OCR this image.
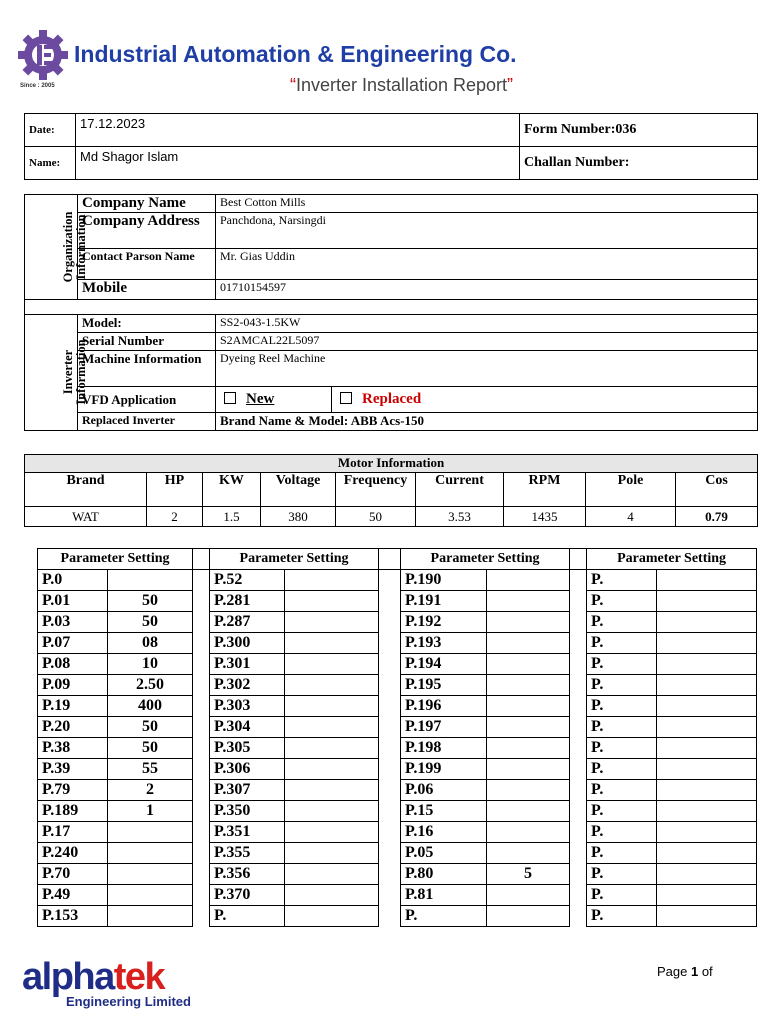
Since : 2005
Industrial Automation & Engineering Co.
“Inverter Installation Report”
Date:	17.12.2023	Form Number:036
Name:	Md Shagor Islam	Challan Number:
Organization Information	Company Name	Best Cotton Mills	
	Company Address	Panchdona, Narsingdi	
	Contact Parson Name	Mr. Gias Uddin	
	Mobile	01710154597	

Inverter Information	Model:	SS2-043-1.5KW	
	Serial Number	S2AMCAL22L5097	
	Machine Information	Dyeing Reel Machine	
	VFD Application	New	Replaced
	Replaced Inverter	Brand Name & Model: ABB Acs-150	
Motor Information								
Brand	HP	KW	Voltage	Frequency	Current	RPM	Pole	Cos
WAT	2	1.5	380	50	3.53	1435	4	0.79
Parameter Setting			Parameter Setting			Parameter Setting			Parameter Setting	
P.0			P.52			P.190			P.	
P.01	50		P.281			P.191			P.	
P.03	50		P.287			P.192			P.	
P.07	08		P.300			P.193			P.	
P.08	10		P.301			P.194			P.	
P.09	2.50		P.302			P.195			P.	
P.19	400		P.303			P.196			P.	
P.20	50		P.304			P.197			P.	
P.38	50		P.305			P.198			P.	
P.39	55		P.306			P.199			P.	
P.79	2		P.307			P.06			P.	
P.189	1		P.350			P.15			P.	
P.17			P.351			P.16			P.	
P.240			P.355			P.05			P.	
P.70			P.356			P.80	5		P.	
P.49			P.370			P.81			P.	
P.153			P.			P.			P.	
alphatek
Engineering Limited
Page 1 of
